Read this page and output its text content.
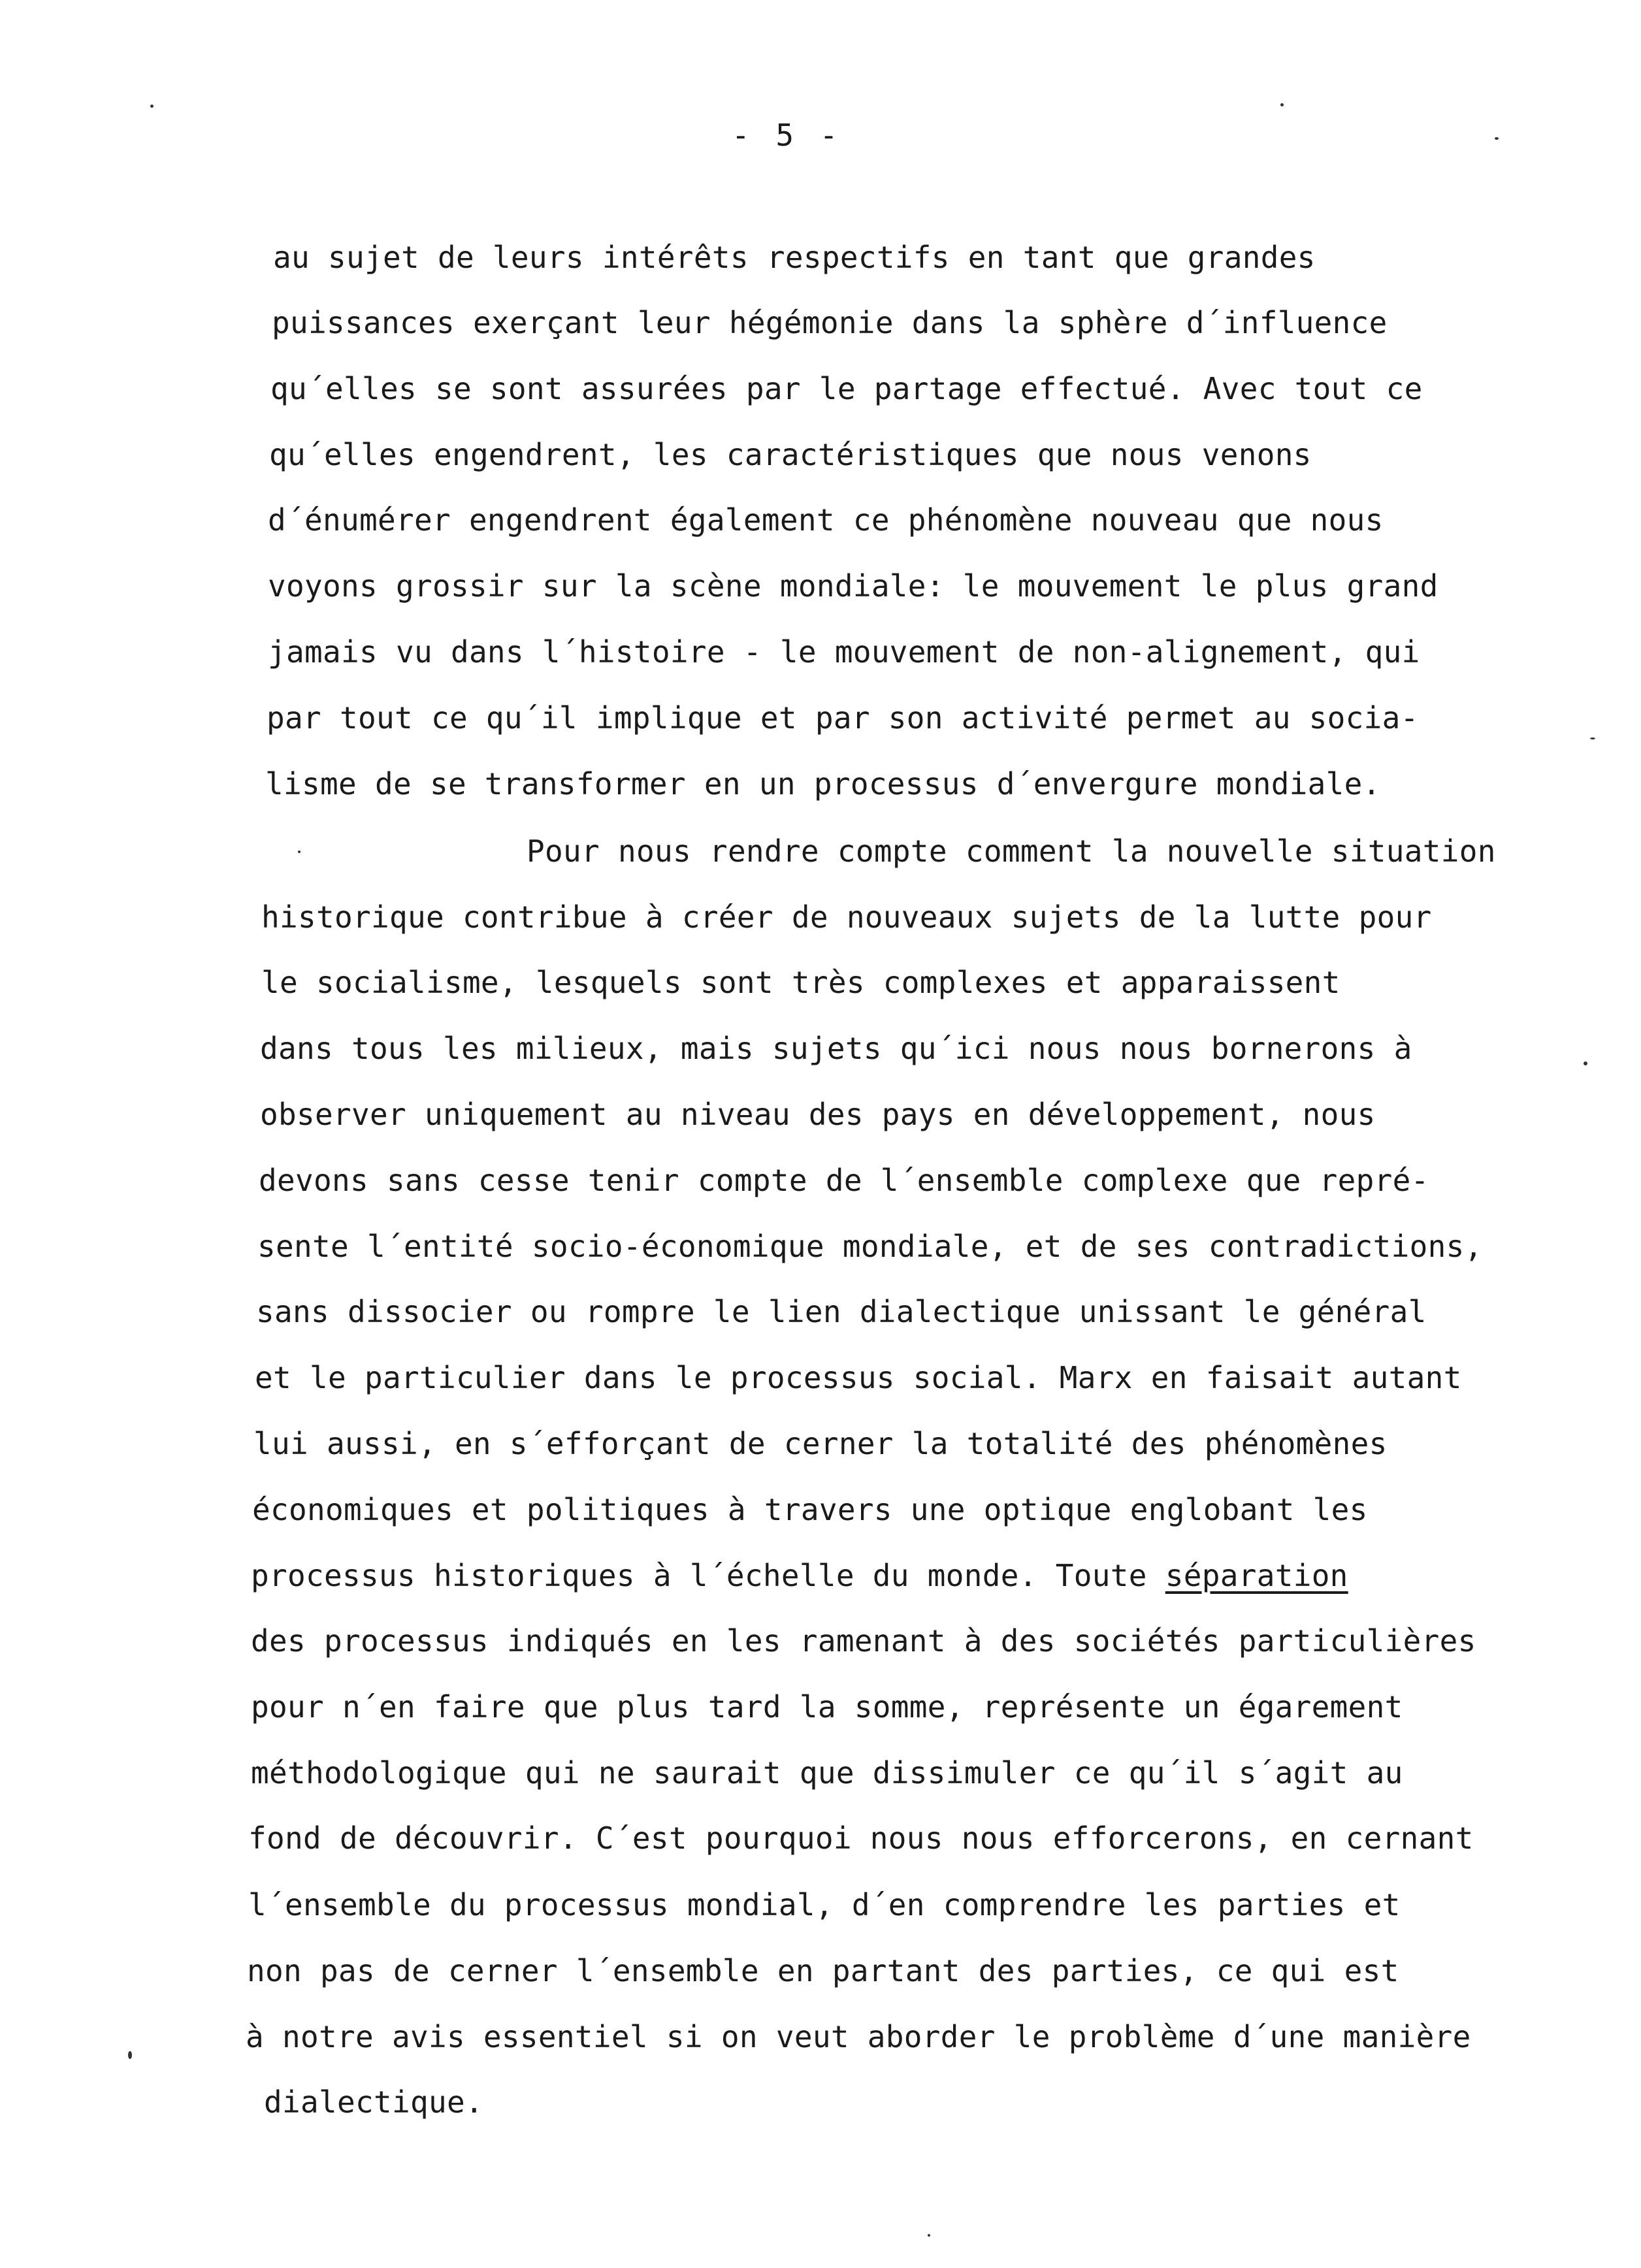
- 5 -
au sujet de leurs intérêts respectifs en tant que grandes
puissances exerçant leur hégémonie dans la sphère d´influence
qu´elles se sont assurées par le partage effectué. Avec tout ce
qu´elles engendrent, les caractéristiques que nous venons
d´énumérer engendrent également ce phénomène nouveau que nous
voyons grossir sur la scène mondiale: le mouvement le plus grand
jamais vu dans l´histoire - le mouvement de non-alignement, qui
par tout ce qu´il implique et par son activité permet au socia-
lisme de se transformer en un processus d´envergure mondiale.
Pour nous rendre compte comment la nouvelle situation
historique contribue à créer de nouveaux sujets de la lutte pour
le socialisme, lesquels sont très complexes et apparaissent
dans tous les milieux, mais sujets qu´ici nous nous bornerons à
observer uniquement au niveau des pays en développement, nous
devons sans cesse tenir compte de l´ensemble complexe que repré-
sente l´entité socio-économique mondiale, et de ses contradictions,
sans dissocier ou rompre le lien dialectique unissant le général
et le particulier dans le processus social. Marx en faisait autant
lui aussi, en s´efforçant de cerner la totalité des phénomènes
économiques et politiques à travers une optique englobant les
processus historiques à l´échelle du monde. Toute séparation
des processus indiqués en les ramenant à des sociétés particulières
pour n´en faire que plus tard la somme, représente un égarement
méthodologique qui ne saurait que dissimuler ce qu´il s´agit au
fond de découvrir. C´est pourquoi nous nous efforcerons, en cernant
l´ensemble du processus mondial, d´en comprendre les parties et
non pas de cerner l´ensemble en partant des parties, ce qui est
à notre avis essentiel si on veut aborder le problème d´une manière
dialectique.
